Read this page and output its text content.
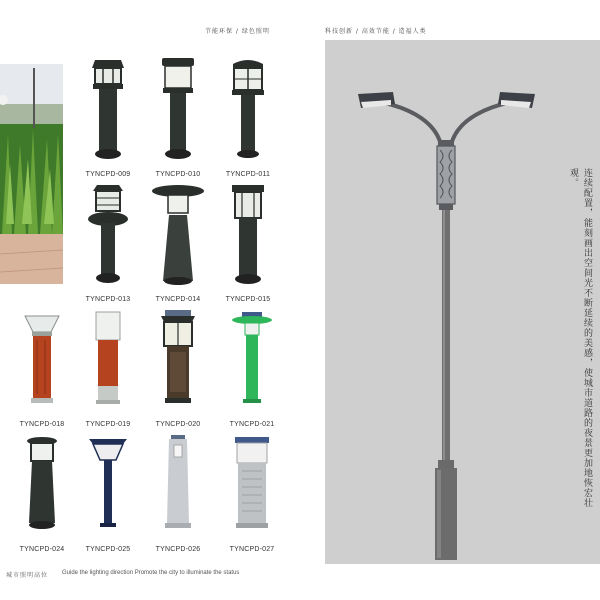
节能环保 / 绿色照明
TYNCPD-009	TYNCPD-010	TYNCPD-011
TYNCPD-013	TYNCPD-014	TYNCPD-015
TYNCPD-018	TYNCPD-019	TYNCPD-020	TYNCPD-021
TYNCPD-024	TYNCPD-025	TYNCPD-026	TYNCPD-027
城市照明高位 Guide the lighting direction Promote the city to illuminate the status
科技创新 / 高效节能 / 造福人类
连续配置，能刻画出空间光不断延续的美感，使城市道路的夜景更加地恢宏壮
观。
